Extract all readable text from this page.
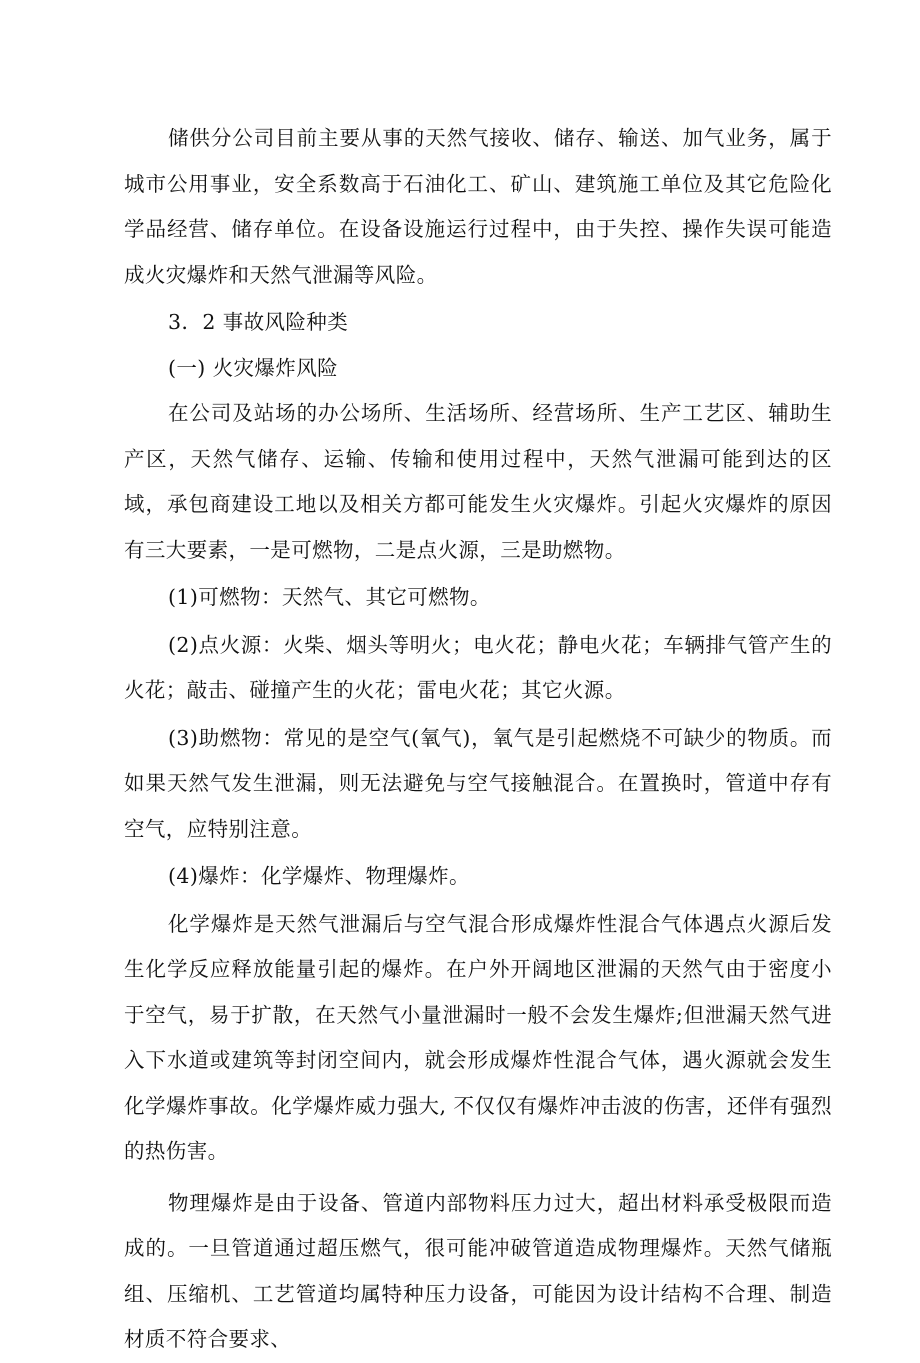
储供分公司目前主要从事的天然气接收、储存、输送、加气业务，属于城市公用事业，安全系数高于石油化工、矿山、建筑施工单位及其它危险化学品经营、储存单位。在设备设施运行过程中，由于失控、操作失误可能造成火灾爆炸和天然气泄漏等风险。

3．2 事故风险种类

(一) 火灾爆炸风险

在公司及站场的办公场所、生活场所、经营场所、生产工艺区、辅助生产区，天然气储存、运输、传输和使用过程中，天然气泄漏可能到达的区域，承包商建设工地以及相关方都可能发生火灾爆炸。引起火灾爆炸的原因有三大要素，一是可燃物，二是点火源，三是助燃物。

(1)可燃物：天然气、其它可燃物。

(2)点火源：火柴、烟头等明火；电火花；静电火花；车辆排气管产生的火花；敲击、碰撞产生的火花；雷电火花；其它火源。

(3)助燃物：常见的是空气(氧气)，氧气是引起燃烧不可缺少的物质。而如果天然气发生泄漏，则无法避免与空气接触混合。在置换时，管道中存有空气，应特别注意。

(4)爆炸：化学爆炸、物理爆炸。

化学爆炸是天然气泄漏后与空气混合形成爆炸性混合气体遇点火源后发生化学反应释放能量引起的爆炸。在户外开阔地区泄漏的天然气由于密度小于空气，易于扩散，在天然气小量泄漏时一般不会发生爆炸;但泄漏天然气进入下水道或建筑等封闭空间内，就会形成爆炸性混合气体，遇火源就会发生化学爆炸事故。化学爆炸威力强大, 不仅仅有爆炸冲击波的伤害，还伴有强烈的热伤害。

物理爆炸是由于设备、管道内部物料压力过大，超出材料承受极限而造成的。一旦管道通过超压燃气，很可能冲破管道造成物理爆炸。天然气储瓶组、压缩机、工艺管道均属特种压力设备，可能因为设计结构不合理、制造材质不符合要求、
